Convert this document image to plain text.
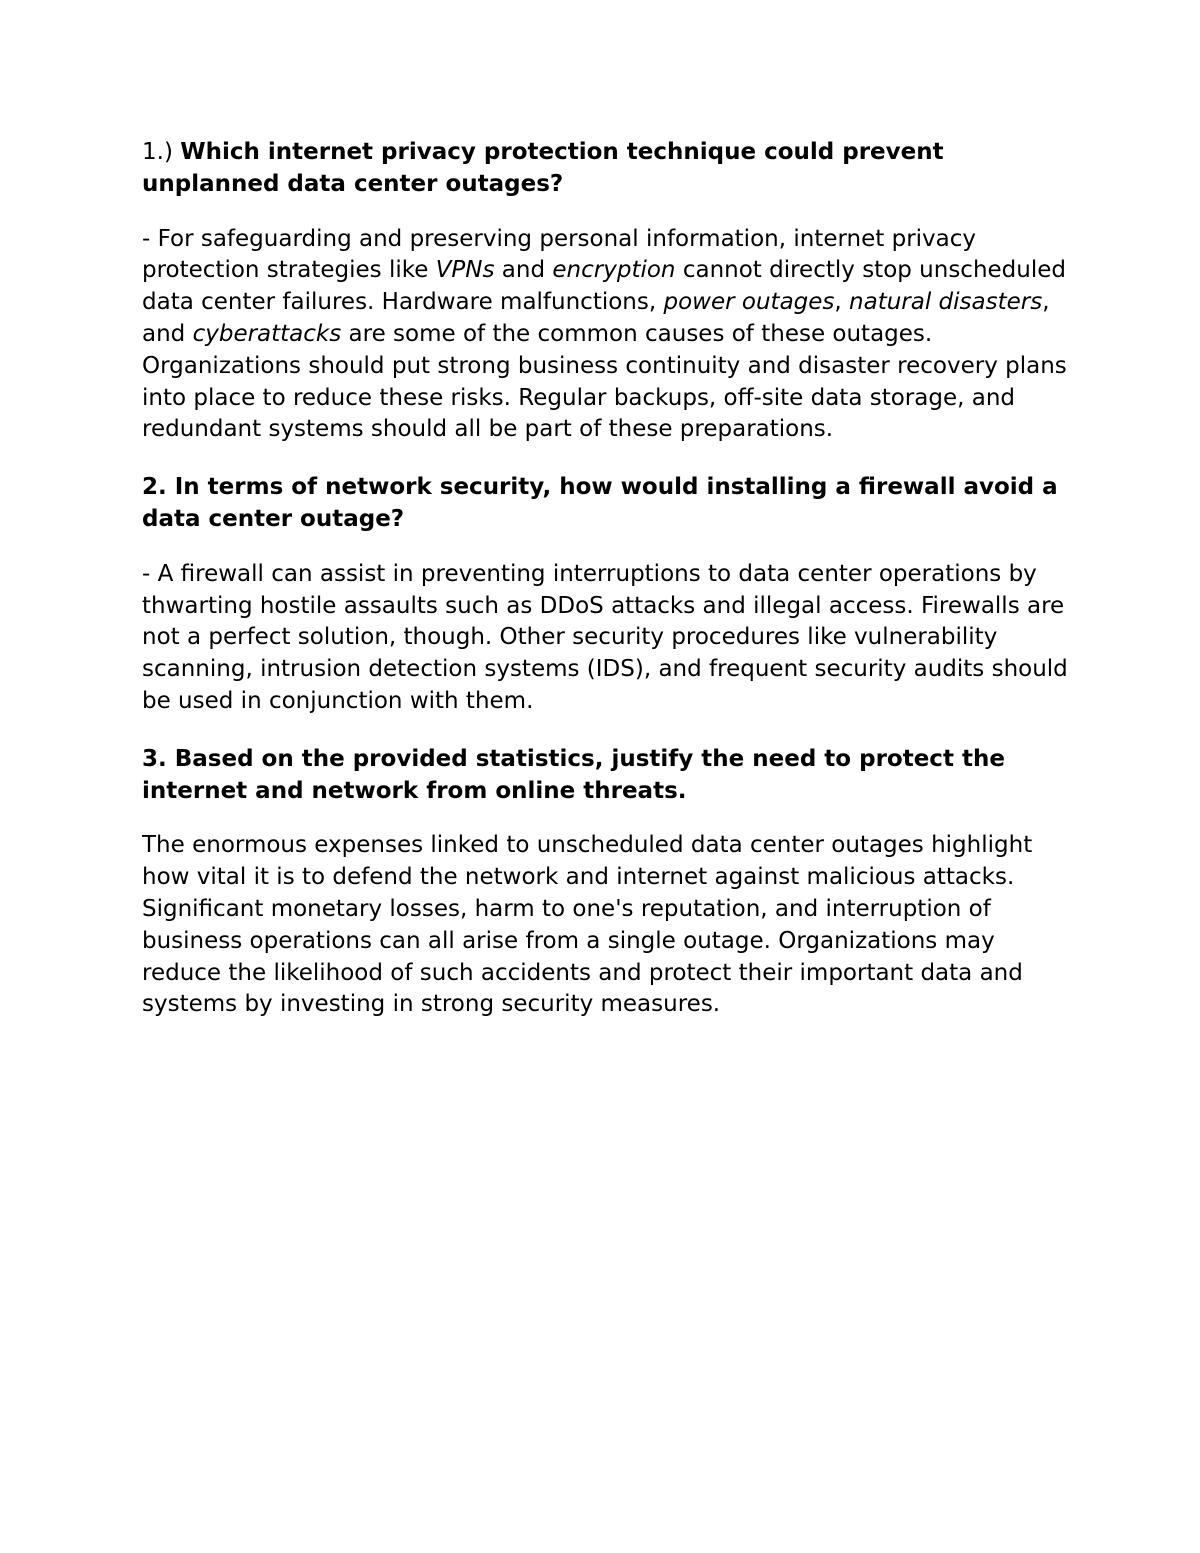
1.) Which internet privacy protection technique could prevent unplanned data center outages?

- For safeguarding and preserving personal information, internet privacy protection strategies like VPNs and encryption cannot directly stop unscheduled data center failures. Hardware malfunctions, power outages, natural disasters, and cyberattacks are some of the common causes of these outages. Organizations should put strong business continuity and disaster recovery plans into place to reduce these risks. Regular backups, off-site data storage, and redundant systems should all be part of these preparations.

2. In terms of network security, how would installing a firewall avoid a data center outage?

- A firewall can assist in preventing interruptions to data center operations by thwarting hostile assaults such as DDoS attacks and illegal access. Firewalls are not a perfect solution, though. Other security procedures like vulnerability scanning, intrusion detection systems (IDS), and frequent security audits should be used in conjunction with them.

3. Based on the provided statistics, justify the need to protect the internet and network from online threats.

The enormous expenses linked to unscheduled data center outages highlight how vital it is to defend the network and internet against malicious attacks. Significant monetary losses, harm to one's reputation, and interruption of business operations can all arise from a single outage. Organizations may reduce the likelihood of such accidents and protect their important data and systems by investing in strong security measures.
